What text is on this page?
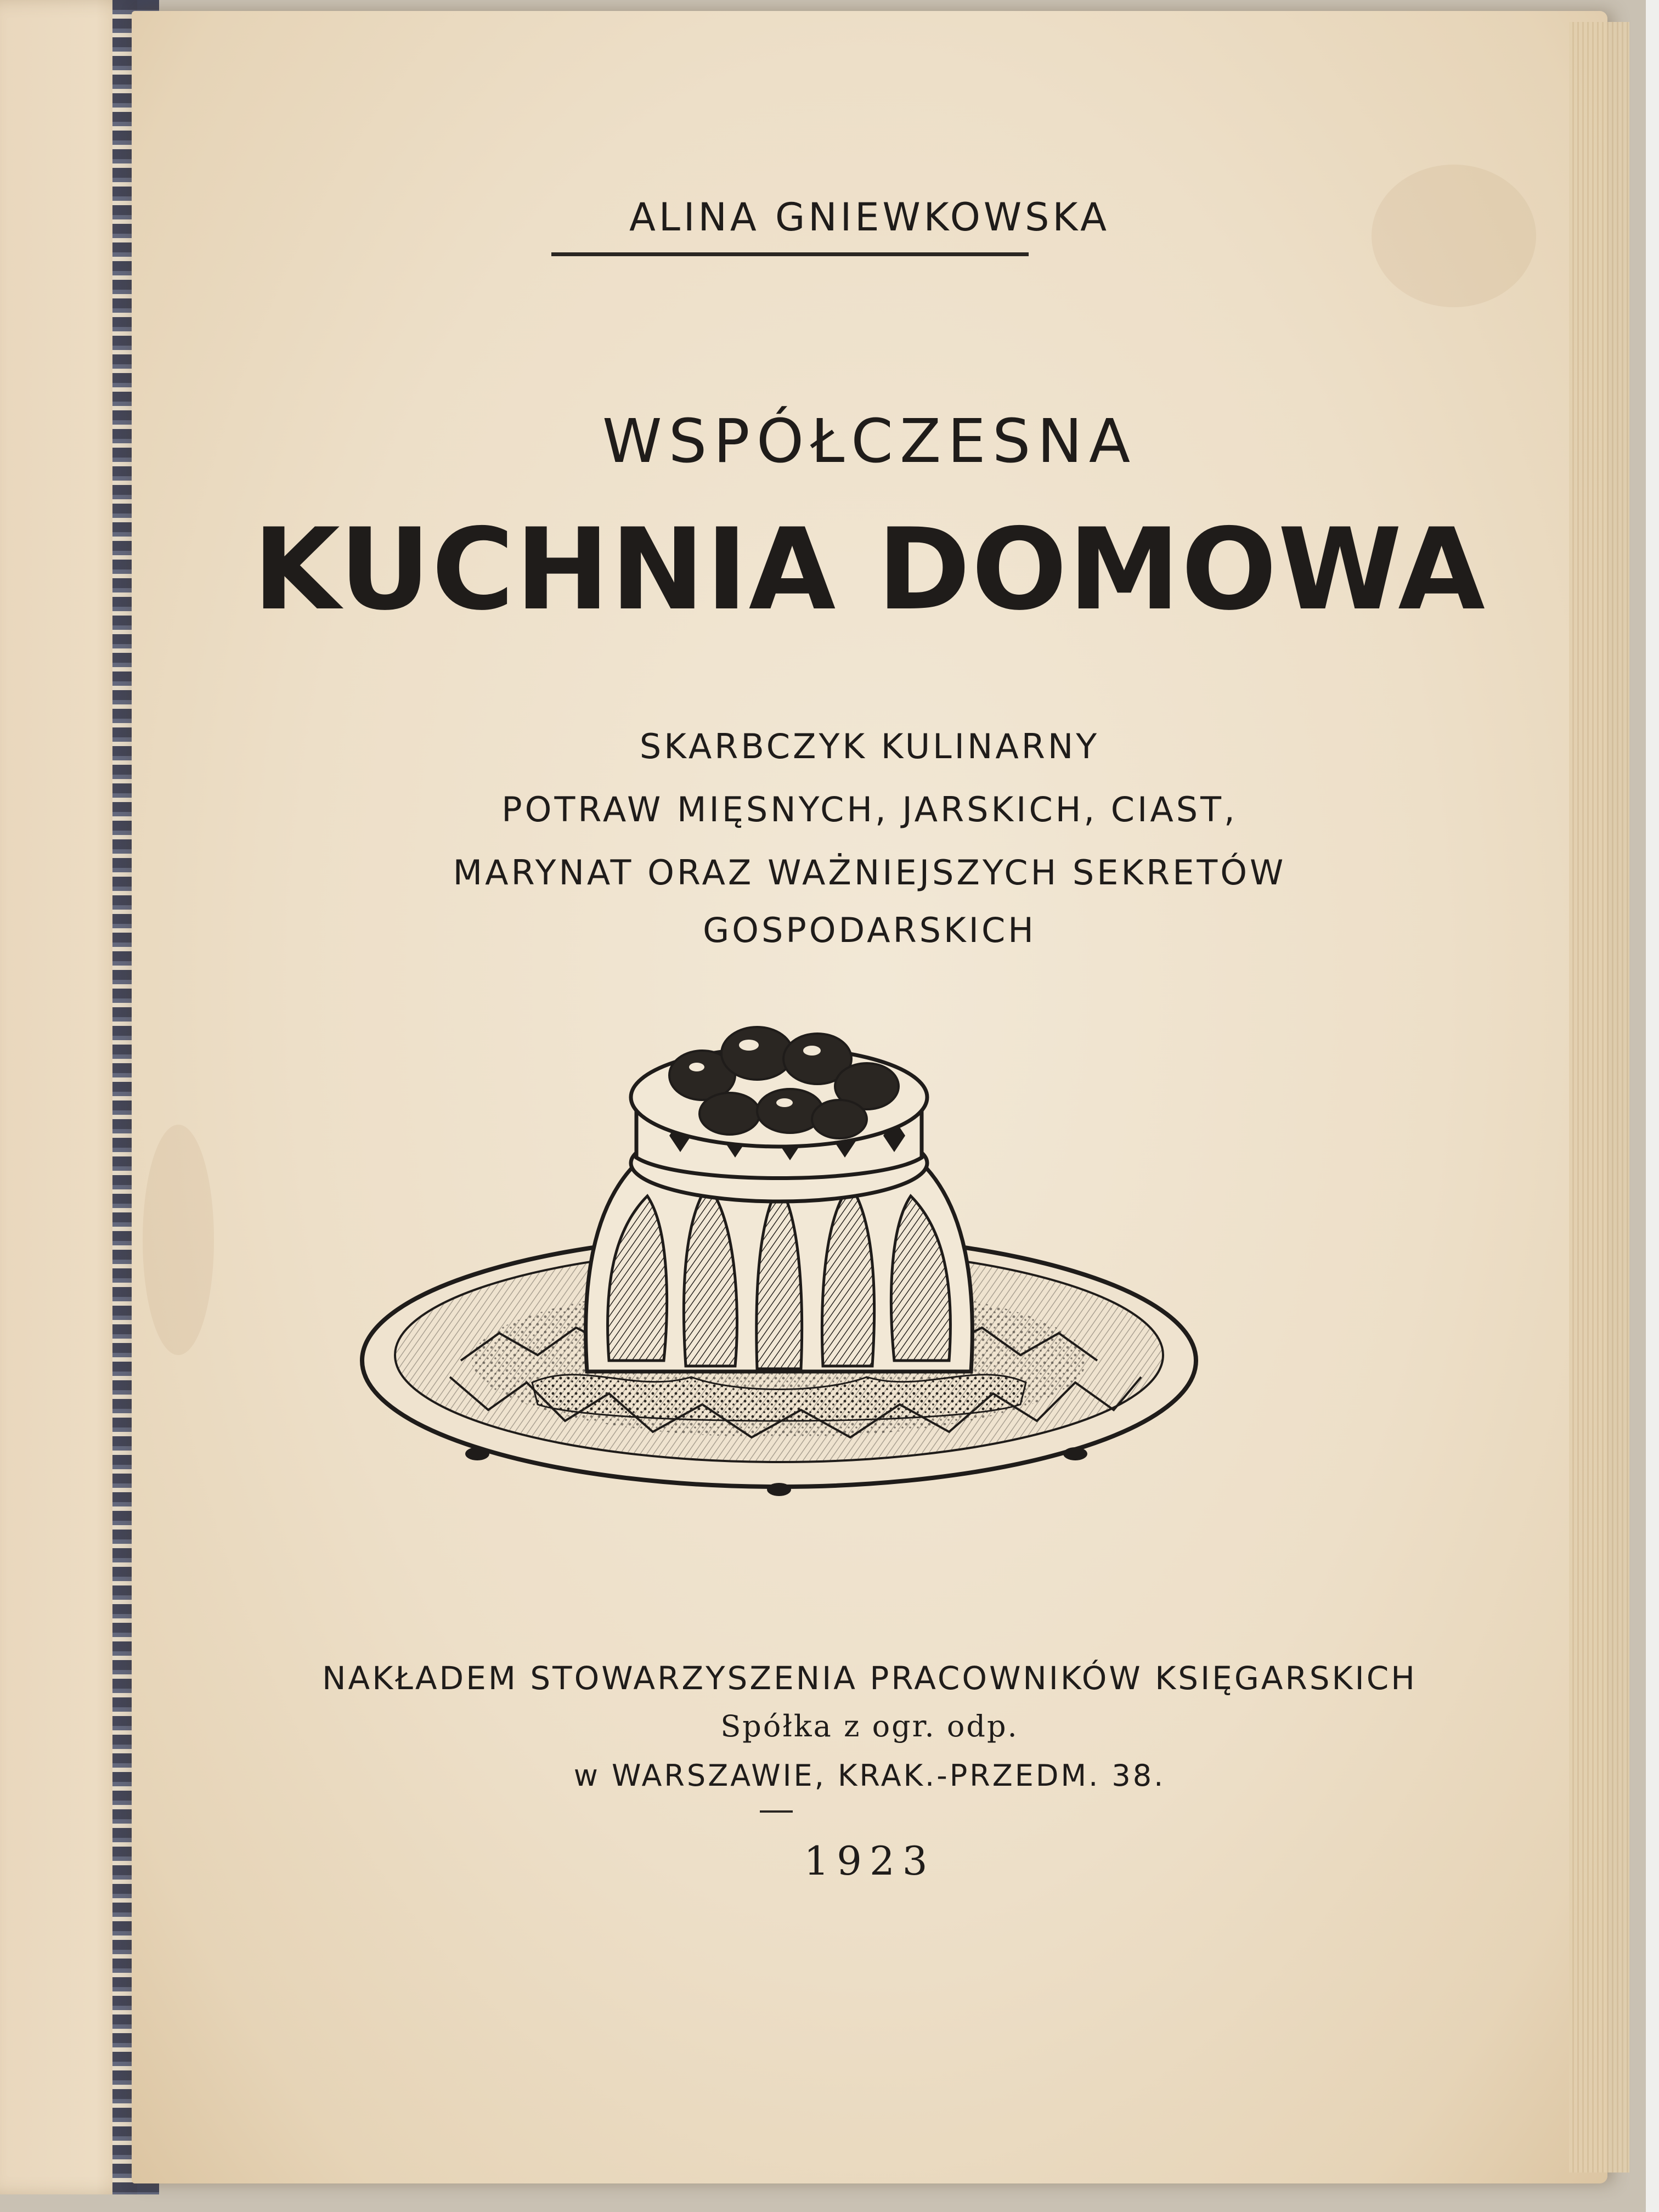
ALINA GNIEWKOWSKA
WSPÓŁCZESNA
KUCHNIA DOMOWA
SKARBCZYK KULINARNY
POTRAW MIĘSNYCH, JARSKICH, CIAST,
MARYNAT ORAZ WAŻNIEJSZYCH SEKRETÓW
GOSPODARSKICH
NAKŁADEM STOWARZYSZENIA PRACOWNIKÓW KSIĘGARSKICH
Spółka z ogr. odp.
w WARSZAWIE, KRAK.-PRZEDM. 38.
1923
